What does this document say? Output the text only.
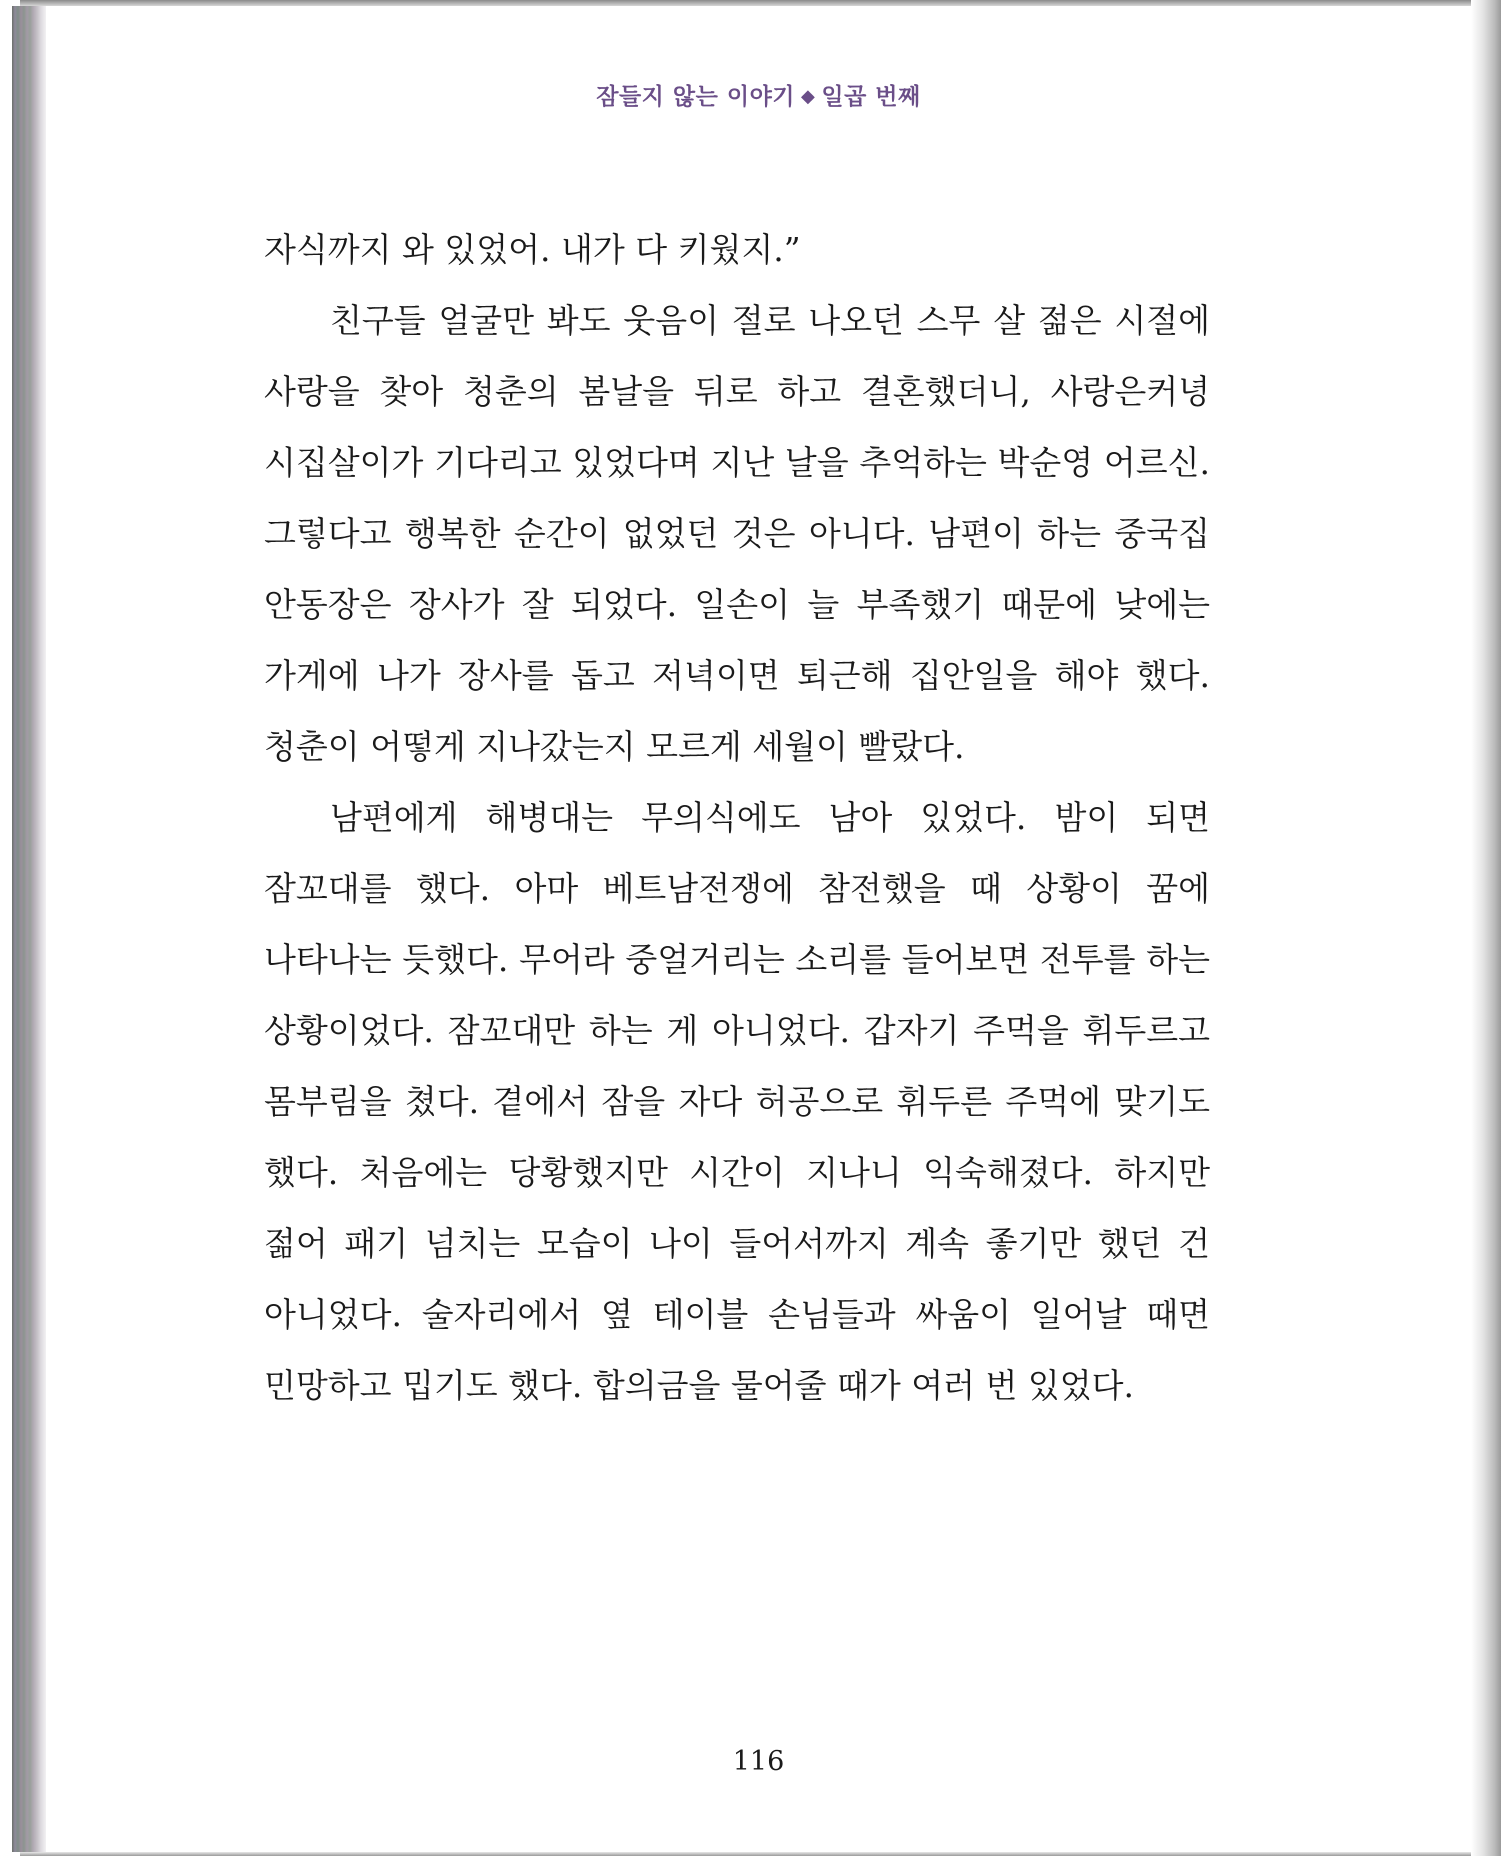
잠들지 않는 이야기 ◆ 일곱 번째

자식까지 와 있었어. 내가 다 키웠지.”

친구들 얼굴만 봐도 웃음이 절로 나오던 스무 살 젊은 시절에 사랑을 찾아 청춘의 봄날을 뒤로 하고 결혼했더니, 사랑은커녕 시집살이가 기다리고 있었다며 지난 날을 추억하는 박순영 어르신. 그렇다고 행복한 순간이 없었던 것은 아니다. 남편이 하는 중국집 안동장은 장사가 잘 되었다. 일손이 늘 부족했기 때문에 낮에는 가게에 나가 장사를 돕고 저녁이면 퇴근해 집안일을 해야 했다. 청춘이 어떻게 지나갔는지 모르게 세월이 빨랐다.

남편에게 해병대는 무의식에도 남아 있었다. 밤이 되면 잠꼬대를 했다. 아마 베트남전쟁에 참전했을 때 상황이 꿈에 나타나는 듯했다. 무어라 중얼거리는 소리를 들어보면 전투를 하는 상황이었다. 잠꼬대만 하는 게 아니었다. 갑자기 주먹을 휘두르고 몸부림을 쳤다. 곁에서 잠을 자다 허공으로 휘두른 주먹에 맞기도 했다. 처음에는 당황했지만 시간이 지나니 익숙해졌다. 하지만 젊어 패기 넘치는 모습이 나이 들어서까지 계속 좋기만 했던 건 아니었다. 술자리에서 옆 테이블 손님들과 싸움이 일어날 때면 민망하고 밉기도 했다. 합의금을 물어줄 때가 여러 번 있었다.

116
